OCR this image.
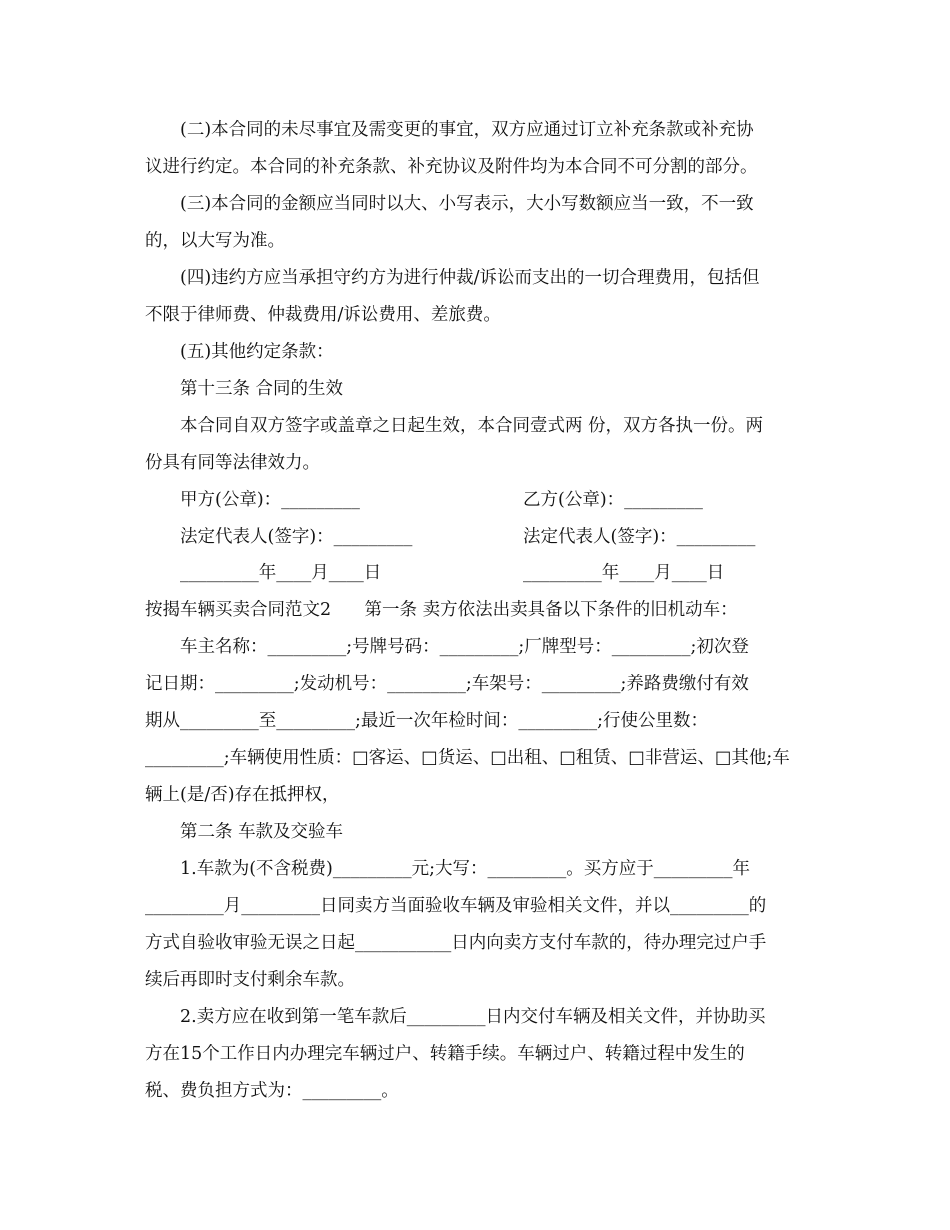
(二)本合同的未尽事宜及需变更的事宜，双方应通过订立补充条款或补充协
议进行约定。本合同的补充条款、补充协议及附件均为本合同不可分割的部分。
(三)本合同的金额应当同时以大、小写表示，大小写数额应当一致，不一致
的，以大写为准。
(四)违约方应当承担守约方为进行仲裁/诉讼而支出的一切合理费用，包括但
不限于律师费、仲裁费用/诉讼费用、差旅费。
(五)其他约定条款：
第十三条 合同的生效
本合同自双方签字或盖章之日起生效，本合同壹式两 份，双方各执一份。两
份具有同等法律效力。
甲方(公章)：_________	乙方(公章)：_________
法定代表人(签字)：_________	法定代表人(签字)：_________
_________年____月____日	_________年____月____日
按揭车辆买卖合同范文2      第一条 卖方依法出卖具备以下条件的旧机动车：
车主名称：_________;号牌号码：_________;厂牌型号：_________;初次登
记日期：_________;发动机号：_________;车架号：_________;养路费缴付有效
期从_________至_________;最近一次年检时间：_________;行使公里数：
_________;车辆使用性质：□客运、□货运、□出租、□租赁、□非营运、□其他;车
辆上(是/否)存在抵押权，
第二条 车款及交验车
1.车款为(不含税费)_________元;大写：_________。买方应于_________年
_________月_________日同卖方当面验收车辆及审验相关文件，并以_________的
方式自验收审验无误之日起___________日内向卖方支付车款的，待办理完过户手
续后再即时支付剩余车款。
2.卖方应在收到第一笔车款后_________日内交付车辆及相关文件，并协助买
方在15个工作日内办理完车辆过户、转籍手续。车辆过户、转籍过程中发生的
税、费负担方式为：_________。
